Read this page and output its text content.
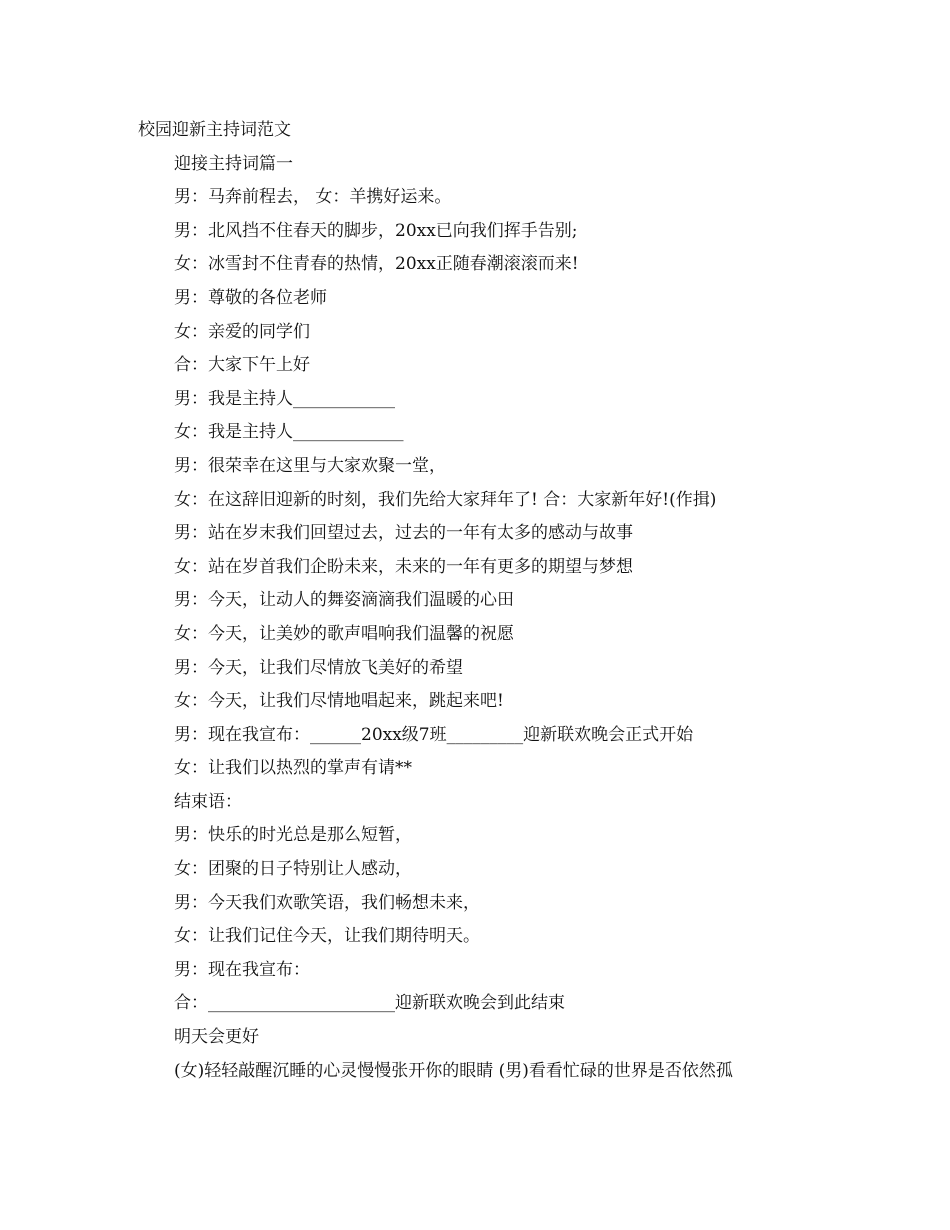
校园迎新主持词范文
迎接主持词篇一
男：马奔前程去， 女：羊携好运来。
男：北风挡不住春天的脚步，20xx已向我们挥手告别;
女：冰雪封不住青春的热情，20xx正随春潮滚滚而来!
男：尊敬的各位老师
女：亲爱的同学们
合：大家下午上好
男：我是主持人____________
女：我是主持人_____________
男：很荣幸在这里与大家欢聚一堂，
女：在这辞旧迎新的时刻，我们先给大家拜年了! 合：大家新年好!(作揖)
男：站在岁末我们回望过去，过去的一年有太多的感动与故事
女：站在岁首我们企盼未来，未来的一年有更多的期望与梦想
男：今天，让动人的舞姿滴滴我们温暖的心田
女：今天，让美妙的歌声唱响我们温馨的祝愿
男：今天，让我们尽情放飞美好的希望
女：今天，让我们尽情地唱起来，跳起来吧!
男：现在我宣布：______20xx级7班_________迎新联欢晚会正式开始
女：让我们以热烈的掌声有请**
结束语：
男：快乐的时光总是那么短暂，
女：团聚的日子特别让人感动，
男：今天我们欢歌笑语，我们畅想未来，
女：让我们记住今天，让我们期待明天。
男：现在我宣布：
合：______________________迎新联欢晚会到此结束
明天会更好
(女)轻轻敲醒沉睡的心灵慢慢张开你的眼睛 (男)看看忙碌的世界是否依然孤
